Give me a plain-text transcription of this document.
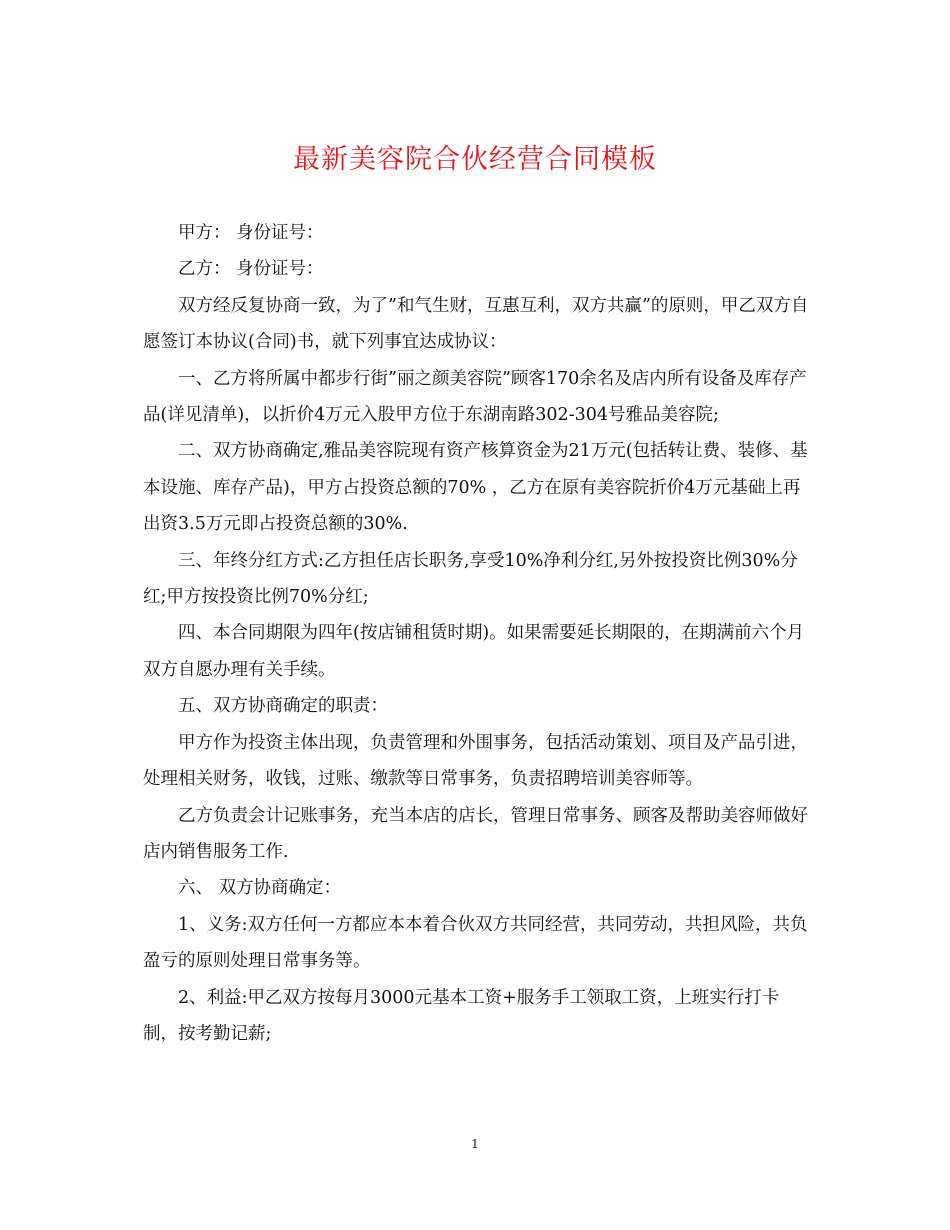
最新美容院合伙经营合同模板

甲方： 身份证号：

乙方： 身份证号：

双方经反复协商一致，为了”和气生财，互惠互利，双方共赢”的原则，甲乙双方自愿签订本协议(合同)书，就下列事宜达成协议：

一、乙方将所属中都步行街”丽之颜美容院”顾客170余名及店内所有设备及库存产品(详见清单)，以折价4万元入股甲方位于东湖南路302-304号雅品美容院;

二、双方协商确定,雅品美容院现有资产核算资金为21万元(包括转让费、装修、基本设施、库存产品)，甲方占投资总额的70% ，乙方在原有美容院折价4万元基础上再出资3.5万元即占投资总额的30%.

三、年终分红方式:乙方担任店长职务,享受10%净利分红,另外按投资比例30%分红;甲方按投资比例70%分红;

四、本合同期限为四年(按店铺租赁时期)。如果需要延长期限的，在期满前六个月双方自愿办理有关手续。

五、双方协商确定的职责：

甲方作为投资主体出现，负责管理和外围事务，包括活动策划、项目及产品引进，处理相关财务，收钱，过账、缴款等日常事务，负责招聘培训美容师等。

乙方负责会计记账事务，充当本店的店长，管理日常事务、顾客及帮助美容师做好店内销售服务工作.

六、 双方协商确定：

1、义务:双方任何一方都应本本着合伙双方共同经营，共同劳动，共担风险，共负盈亏的原则处理日常事务等。

2、利益:甲乙双方按每月3000元基本工资+服务手工领取工资，上班实行打卡制，按考勤记薪;

1
